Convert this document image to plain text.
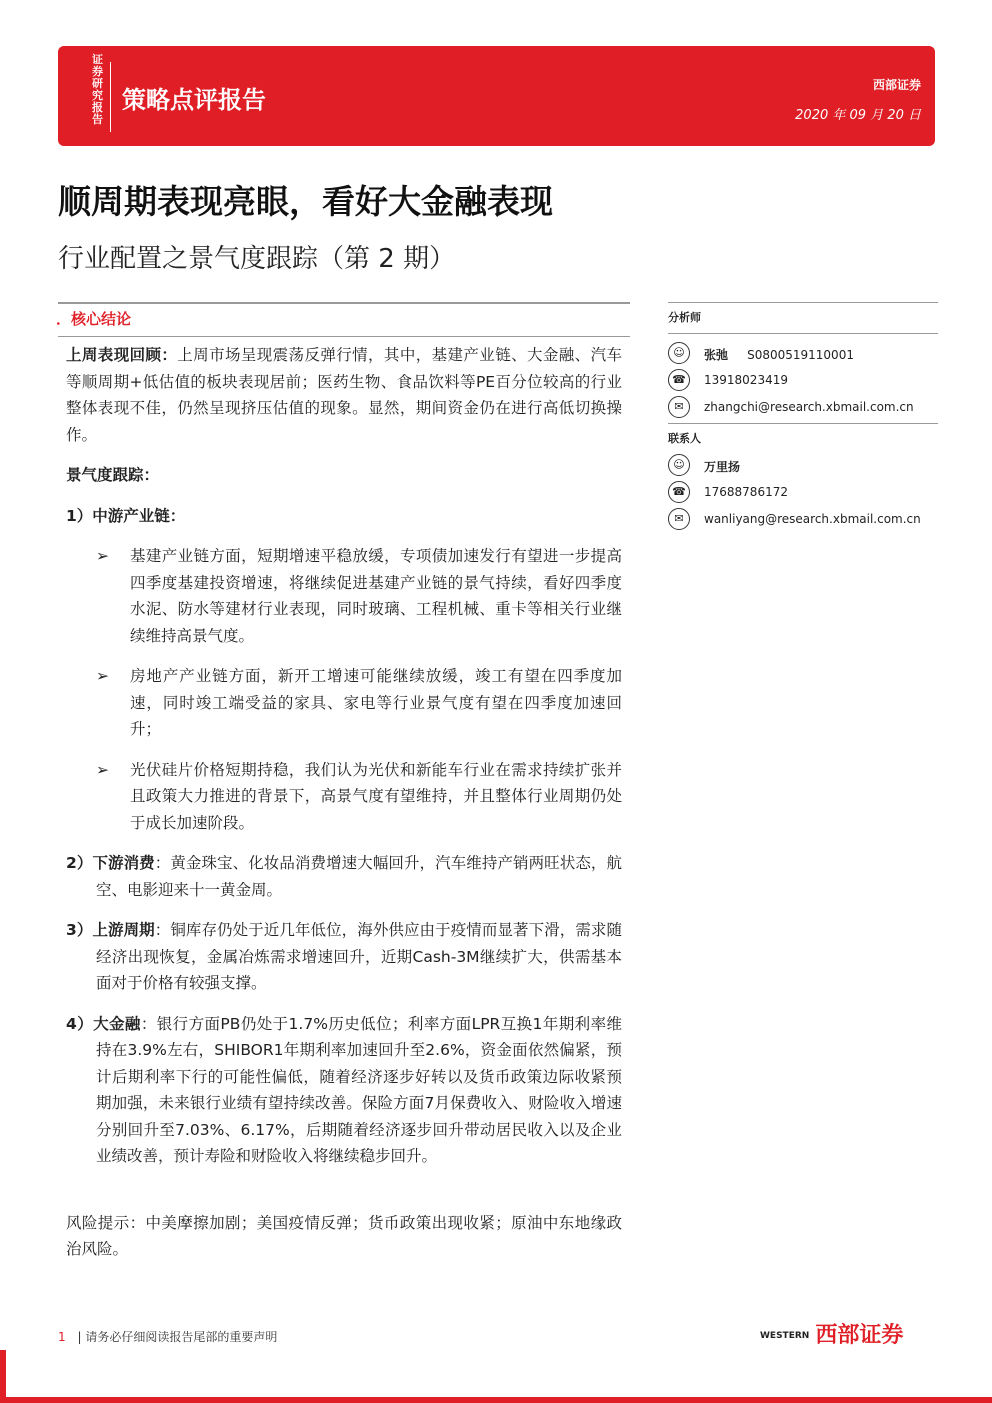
证券研究报告
策略点评报告
西部证券
2020 年 09 月 20 日
顺周期表现亮眼，看好大金融表现
行业配置之景气度跟踪（第 2 期）
．核心结论

上周表现回顾：上周市场呈现震荡反弹行情，其中，基建产业链、大金融、汽车等顺周期+低估值的板块表现居前；医药生物、食品饮料等PE百分位较高的行业整体表现不佳，仍然呈现挤压估值的现象。显然，期间资金仍在进行高低切换操作。

景气度跟踪：

1）中游产业链：

➢ 基建产业链方面，短期增速平稳放缓，专项债加速发行有望进一步提高四季度基建投资增速，将继续促进基建产业链的景气持续，看好四季度水泥、防水等建材行业表现，同时玻璃、工程机械、重卡等相关行业继续维持高景气度。

➢ 房地产产业链方面，新开工增速可能继续放缓，竣工有望在四季度加速，同时竣工端受益的家具、家电等行业景气度有望在四季度加速回升；

➢ 光伏硅片价格短期持稳，我们认为光伏和新能车行业在需求持续扩张并且政策大力推进的背景下，高景气度有望维持，并且整体行业周期仍处于成长加速阶段。

2）下游消费：黄金珠宝、化妆品消费增速大幅回升，汽车维持产销两旺状态，航空、电影迎来十一黄金周。

3）上游周期：铜库存仍处于近几年低位，海外供应由于疫情而显著下滑，需求随经济出现恢复，金属冶炼需求增速回升，近期Cash-3M继续扩大，供需基本面对于价格有较强支撑。

4）大金融：银行方面PB仍处于1.7%历史低位；利率方面LPR互换1年期利率维持在3.9%左右，SHIBOR1年期利率加速回升至2.6%，资金面依然偏紧，预计后期利率下行的可能性偏低，随着经济逐步好转以及货币政策边际收紧预期加强，未来银行业绩有望持续改善。保险方面7月保费收入、财险收入增速分别回升至7.03%、6.17%，后期随着经济逐步回升带动居民收入以及企业业绩改善，预计寿险和财险收入将继续稳步回升。

风险提示：中美摩擦加剧；美国疫情反弹；货币政策出现收紧；原油中东地缘政治风险。

分析师
☺	张弛 S0800519110001
☎	13918023419
✉	zhangchi@research.xbmail.com.cn
联系人
☺	万里扬
☎	17688786172
✉	wanliyang@research.xbmail.com.cn
1 | 请务必仔细阅读报告尾部的重要声明	WESTERN 西部证券
